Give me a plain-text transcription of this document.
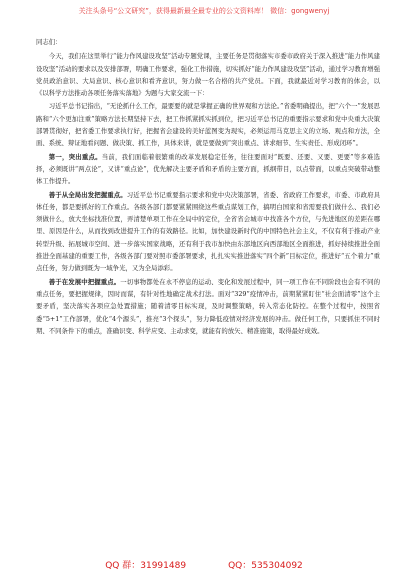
关注头条号“公文研究”，获得最新最全最专业的公文资料库！ 微信：gongwenyj

同志们：

今天，我们在这里举行“能力作风建设攻坚”活动专题党课，主要任务是贯彻落实市委市政府关于深入推进“能力作风建设攻坚”活动的要求以及安排部署，明确工作要求，强化工作措施，切实抓好“能力作风建设攻坚”活动，通过学习教育增强党员政治意识、大局意识、核心意识和看齐意识，努力做一名合格的共产党员。下面，我就最近对学习教育的体会，以《以科学方法推动各项任务落实落地》为题与大家交流一下：

习近平总书记指出，“无论抓什么工作，最要要的就是掌握正确的世界观和方法论。”省委明确提出，把“六个一”发展思路和“六个更加注重”策略方法长期坚持下去，把工作抓紧抓实抓到位，把习近平总书记的重要指示要求和党中央重大决策部署贯彻好，把省委工作要求执行好，把握省会建设的美好蓝图变为现实，必须运用马克思主义的立场、观点和方法，全面、系统、辩证地看问题、做决策、抓工作，具体来讲，就是要做到“突出重点、讲求细节、生实责任、形成闭环”。

第一，突出重点。当前，我们面临着很繁重的改革发展稳定任务，往往要面对“既要、还要、又要、更要”等多难选择，必须既讲“两点论”，又讲“重点论”，优先解决主要矛盾和矛盾的主要方面，抓纲带目，以点带面，以重点突破带动整体工作提升。

善于从全局出发把握重点。习近平总书记重要指示要求和党中央决策部署，省委、省政府工作要求，市委、市政府具体任务，都是要抓好的工作重点。各级各部门都要紧紧围绕这些重点谋划工作，搞明白国家和省需要我们做什么、我们必须做什么，放大坐标找准位置，弄清楚单项工作在全局中的定位，全省省会城市中找准各个方位，与先进地区的差距在哪里、原因是什么，从而找到改进提升工作的有效路径。比如，加快建设新时代的中国特色社会主义，不仅有利于推动产业转型升级、拓展城市空间、进一步落实国家战略，还有利于我市加快由东部地区向西部地区全面推进，抓好持续推进全面推进全面基建的重要工作，各级各部门要对照市委部署要求，扎扎实实推进落实“四个新”目标定位，推进好“五个着力”重点任务，努力做到既为一域争光，又为全局添彩。

善于在发展中把握重点。一切事物都处在永不停息的运动、变化和发展过程中，同一项工作在不同阶段也会有不同的重点任务，要把握规律，因时而谋，有针对性地确定战术打法。面对“329”疫情冲击，前期紧紧盯住“社会面清零”这个主要矛盾，坚决落实各项应急处置措施；随着清零目标实现，及时调整策略，转入常态化防控。在整个过程中，按照省委“5+1”工作部署，优化“4个源头”，推亮“3个探头”，努力降低疫情对经济发展的冲击。做任何工作，只要抓住不同时期、不同条件下的重点，准确识变、科学应变、主动求变，就能有的放矢、精准施策，取得最好成效。

QQ 群：31991489	QQ：535304092
